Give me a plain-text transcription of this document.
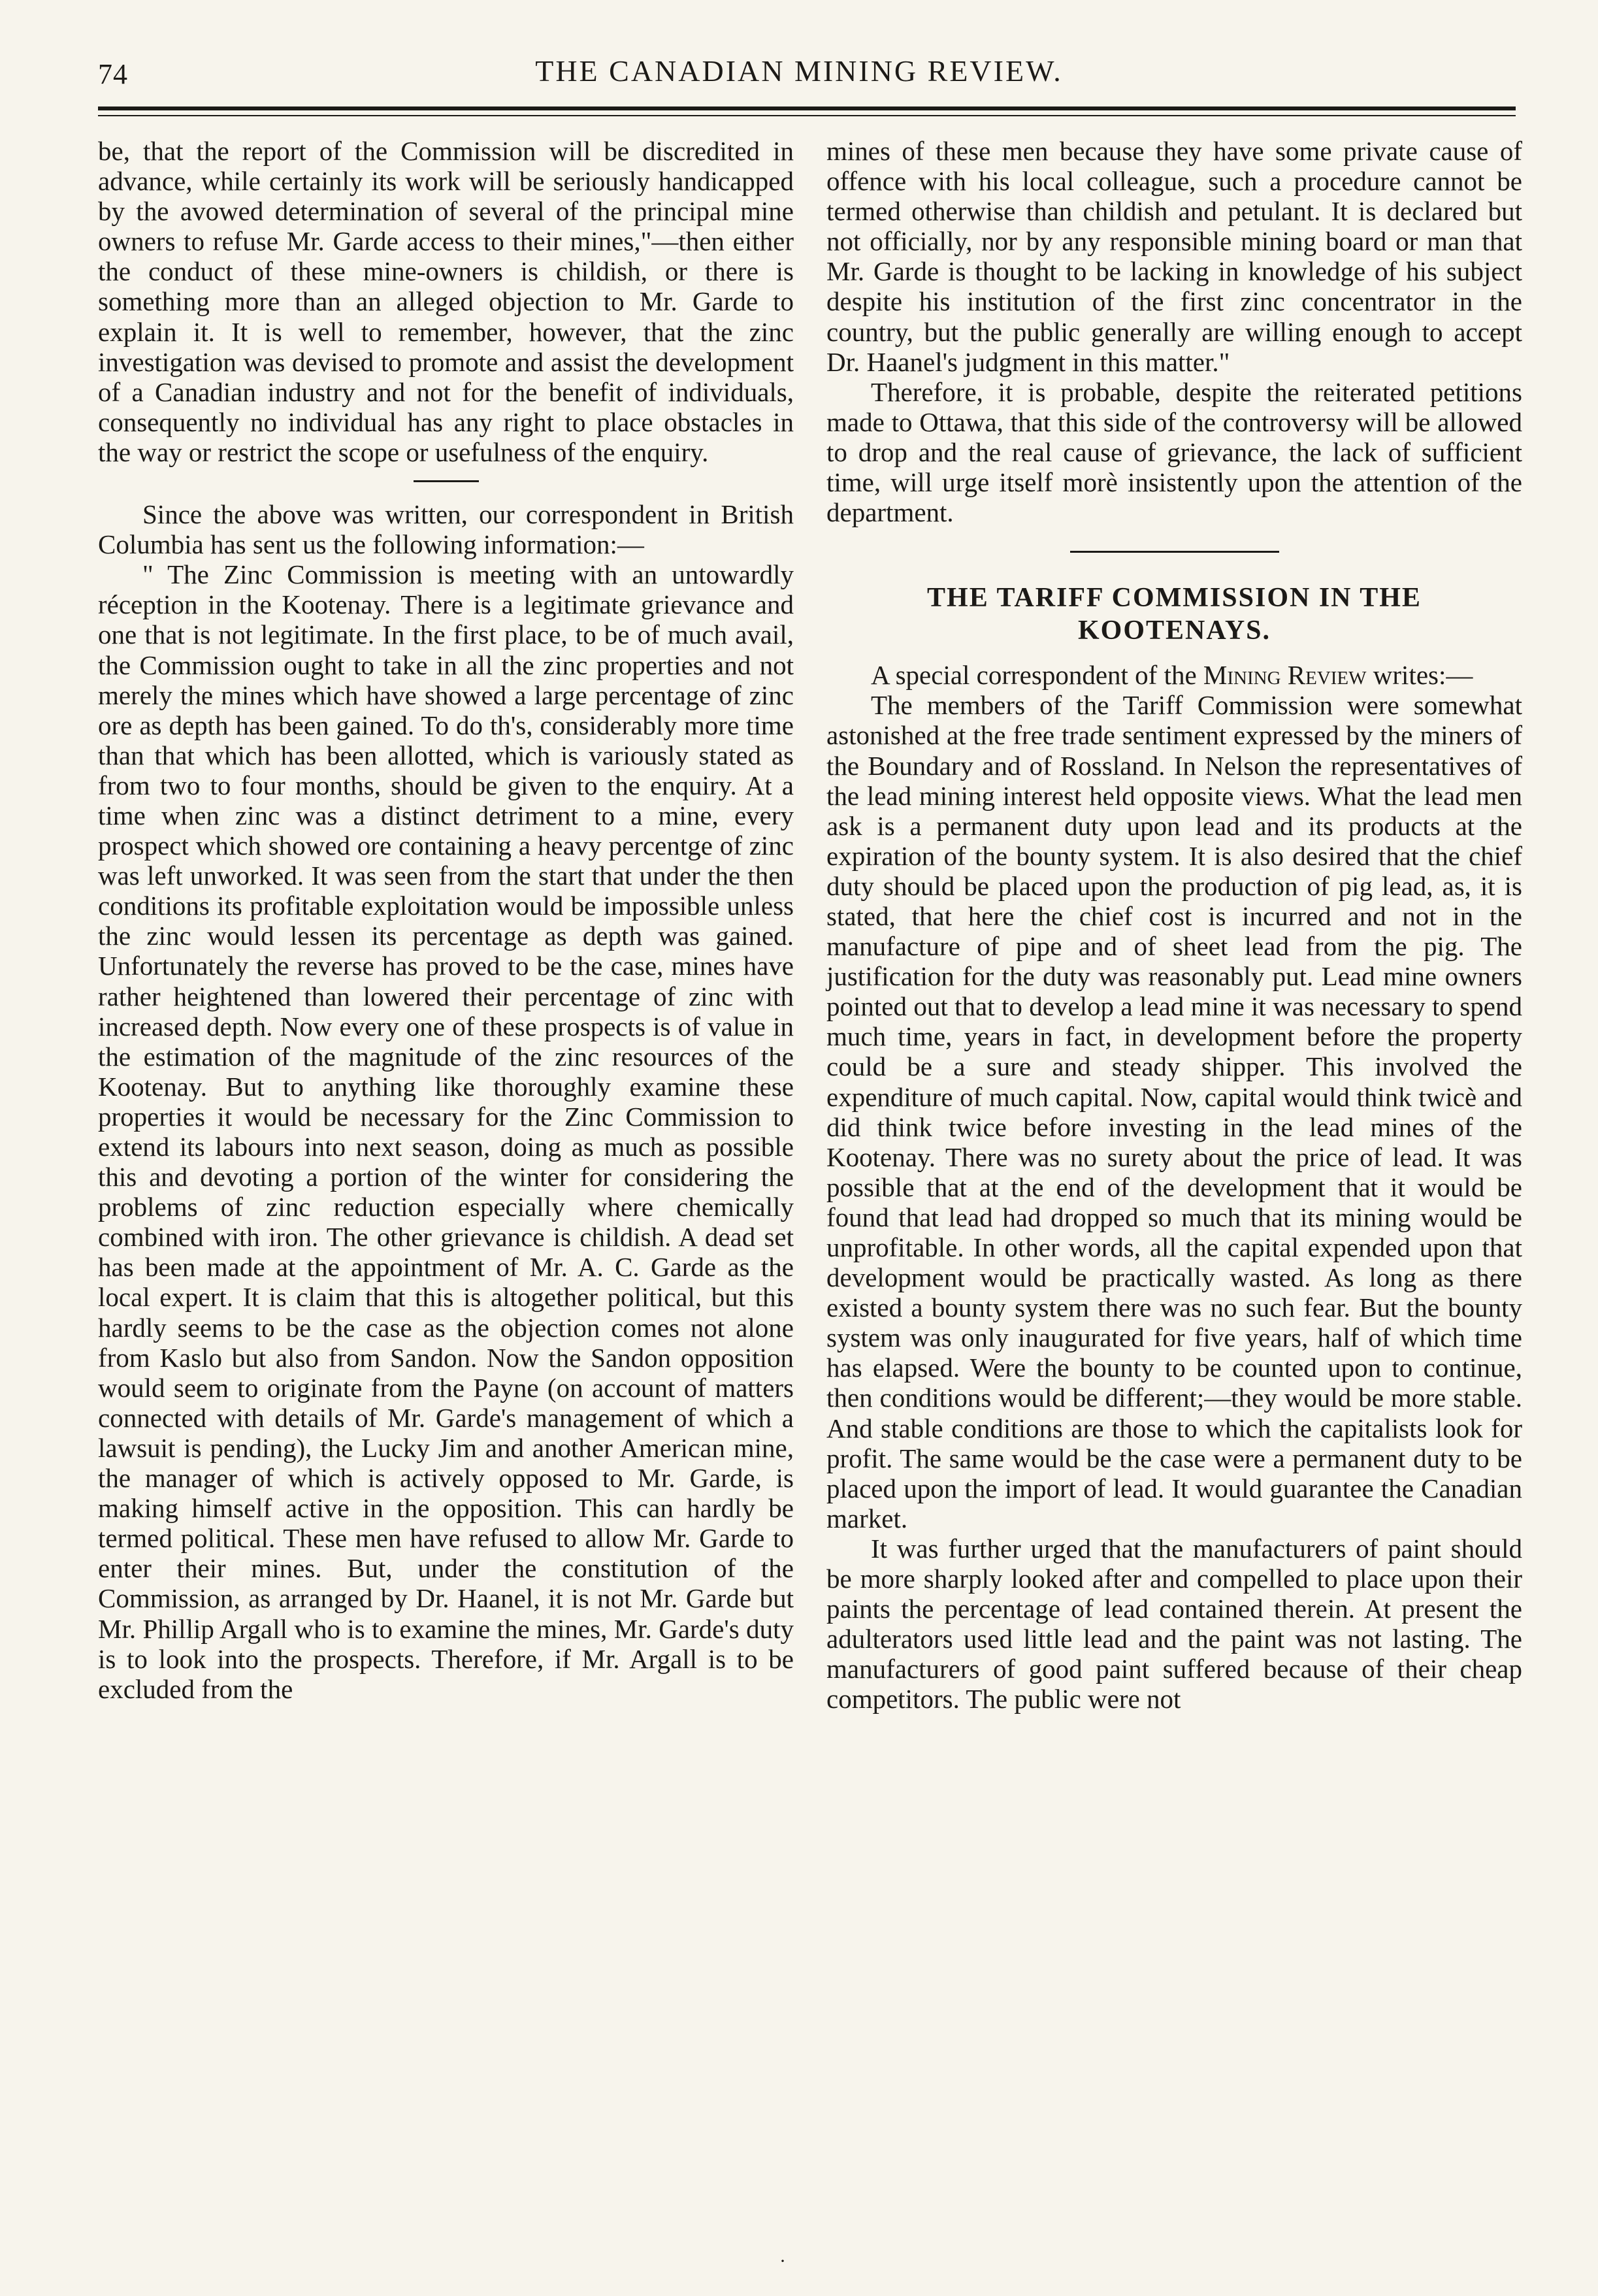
74	THE CANADIAN MINING REVIEW.

be, that the report of the Commission will be discredited in advance, while certainly its work will be seriously handicapped by the avowed determination of several of the principal mine owners to refuse Mr. Garde access to their mines,"—then either the conduct of these mine-owners is childish, or there is something more than an alleged objection to Mr. Garde to explain it. It is well to remember, however, that the zinc investigation was devised to promote and assist the development of a Canadian industry and not for the benefit of individuals, consequently no individual has any right to place obstacles in the way or restrict the scope or usefulness of the enquiry.

Since the above was written, our correspondent in British Columbia has sent us the following information:—

" The Zinc Commission is meeting with an untowardly réception in the Kootenay. There is a legitimate grievance and one that is not legitimate. In the first place, to be of much avail, the Commission ought to take in all the zinc properties and not merely the mines which have showed a large percentage of zinc ore as depth has been gained. To do th's, considerably more time than that which has been allotted, which is variously stated as from two to four months, should be given to the enquiry. At a time when zinc was a distinct detriment to a mine, every prospect which showed ore containing a heavy percentge of zinc was left unworked. It was seen from the start that under the then conditions its profitable exploitation would be impossible unless the zinc would lessen its percentage as depth was gained. Unfortunately the reverse has proved to be the case, mines have rather heightened than lowered their percentage of zinc with increased depth. Now every one of these prospects is of value in the estimation of the magnitude of the zinc resources of the Kootenay. But to anything like thoroughly examine these properties it would be necessary for the Zinc Commission to extend its labours into next season, doing as much as possible this and devoting a portion of the winter for considering the problems of zinc reduction especially where chemically combined with iron. The other grievance is childish. A dead set has been made at the appointment of Mr. A. C. Garde as the local expert. It is claim that this is altogether political, but this hardly seems to be the case as the objection comes not alone from Kaslo but also from Sandon. Now the Sandon opposition would seem to originate from the Payne (on account of matters connected with details of Mr. Garde's management of which a lawsuit is pending), the Lucky Jim and another American mine, the manager of which is actively opposed to Mr. Garde, is making himself active in the opposition. This can hardly be termed political. These men have refused to allow Mr. Garde to enter their mines. But, under the constitution of the Commission, as arranged by Dr. Haanel, it is not Mr. Garde but Mr. Phillip Argall who is to examine the mines, Mr. Garde's duty is to look into the prospects. Therefore, if Mr. Argall is to be excluded from the

mines of these men because they have some private cause of offence with his local colleague, such a procedure cannot be termed otherwise than childish and petulant. It is declared but not officially, nor by any responsible mining board or man that Mr. Garde is thought to be lacking in knowledge of his subject despite his institution of the first zinc concentrator in the country, but the public generally are willing enough to accept Dr. Haanel's judgment in this matter."

Therefore, it is probable, despite the reiterated petitions made to Ottawa, that this side of the controversy will be allowed to drop and the real cause of grievance, the lack of sufficient time, will urge itself morè insistently upon the attention of the department.

THE TARIFF COMMISSION IN THE
KOOTENAYS.

A special correspondent of the Mining Review writes:—

The members of the Tariff Commission were somewhat astonished at the free trade sentiment expressed by the miners of the Boundary and of Rossland. In Nelson the representatives of the lead mining interest held opposite views. What the lead men ask is a permanent duty upon lead and its products at the expiration of the bounty system. It is also desired that the chief duty should be placed upon the production of pig lead, as, it is stated, that here the chief cost is incurred and not in the manufacture of pipe and of sheet lead from the pig. The justification for the duty was reasonably put. Lead mine owners pointed out that to develop a lead mine it was necessary to spend much time, years in fact, in development before the property could be a sure and steady shipper. This involved the expenditure of much capital. Now, capital would think twicè and did think twice before investing in the lead mines of the Kootenay. There was no surety about the price of lead. It was possible that at the end of the development that it would be found that lead had dropped so much that its mining would be unprofitable. In other words, all the capital expended upon that development would be practically wasted. As long as there existed a bounty system there was no such fear. But the bounty system was only inaugurated for five years, half of which time has elapsed. Were the bounty to be counted upon to continue, then conditions would be different;—they would be more stable. And stable conditions are those to which the capitalists look for profit. The same would be the case were a permanent duty to be placed upon the import of lead. It would guarantee the Canadian market.

It was further urged that the manufacturers of paint should be more sharply looked after and compelled to place upon their paints the percentage of lead contained therein. At present the adulterators used little lead and the paint was not lasting. The manufacturers of good paint suffered because of their cheap competitors. The public were not

·
